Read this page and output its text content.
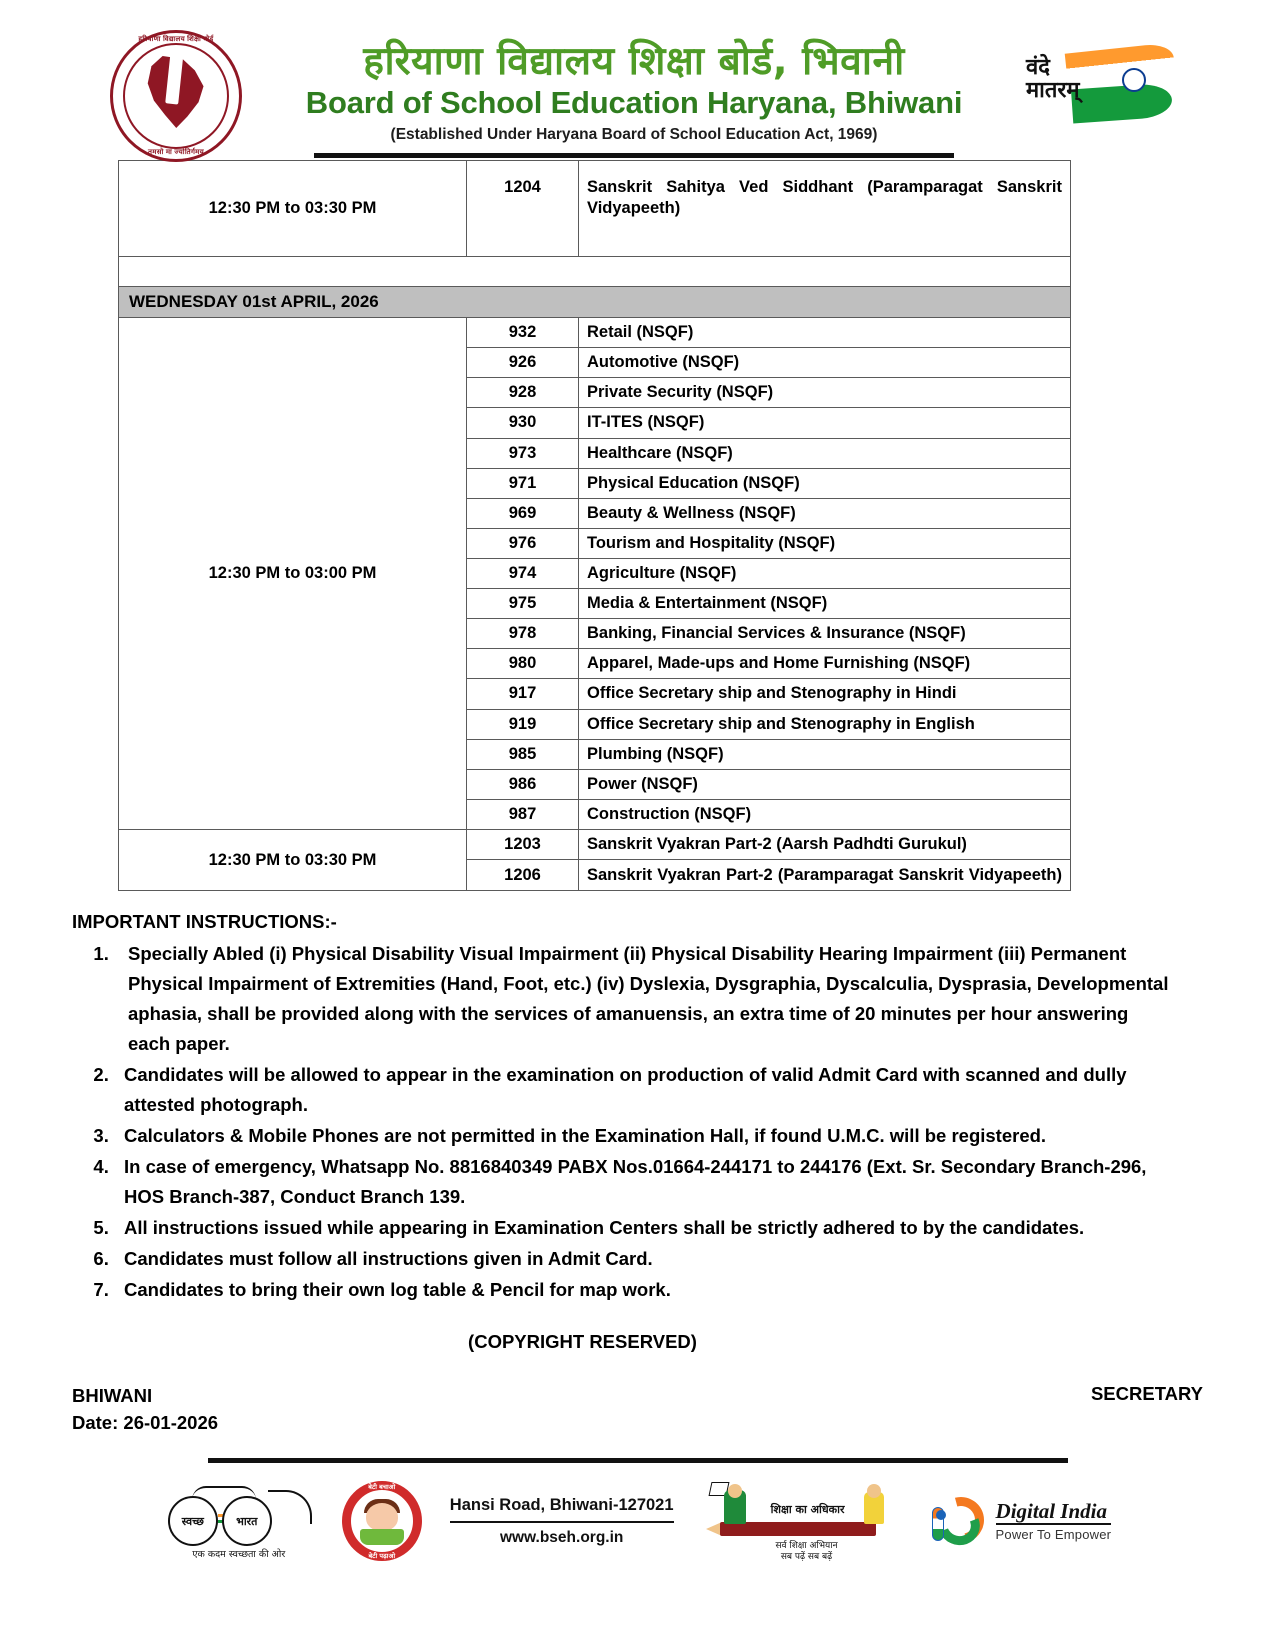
हरियाणा विद्यालय शिक्षा बोर्ड
तमसो मा ज्योतिर्गमय
हरियाणा विद्यालय शिक्षा बोर्ड, भिवानी
Board of School Education Haryana, Bhiwani
(Established Under Haryana Board of School Education Act, 1969)
वंदे
मातरम्
12:30 PM to 03:30 PM	1204	Sanskrit Sahitya Ved Siddhant (Paramparagat Sanskrit Vidyapeeth)

WEDNESDAY 01st APRIL, 2026		
12:30 PM to 03:00 PM	932	Retail (NSQF)
	926	Automotive (NSQF)
	928	Private Security (NSQF)
	930	IT-ITES (NSQF)
	973	Healthcare (NSQF)
	971	Physical Education (NSQF)
	969	Beauty & Wellness (NSQF)
	976	Tourism and Hospitality (NSQF)
	974	Agriculture (NSQF)
	975	Media & Entertainment (NSQF)
	978	Banking, Financial Services & Insurance (NSQF)
	980	Apparel, Made-ups and Home Furnishing (NSQF)
	917	Office Secretary ship and Stenography in Hindi
	919	Office Secretary ship and Stenography in English
	985	Plumbing (NSQF)
	986	Power (NSQF)
	987	Construction (NSQF)
12:30 PM to 03:30 PM	1203	Sanskrit Vyakran Part-2 (Aarsh Padhdti Gurukul)
	1206	Sanskrit Vyakran Part-2 (Paramparagat Sanskrit Vidyapeeth)
IMPORTANT INSTRUCTIONS:-
1. Specially Abled (i) Physical Disability Visual Impairment (ii) Physical Disability Hearing Impairment (iii) Permanent Physical Impairment of Extremities (Hand, Foot, etc.) (iv) Dyslexia, Dysgraphia, Dyscalculia, Dysprasia, Developmental aphasia, shall be provided along with the services of amanuensis, an extra time of 20 minutes per hour answering each paper.
2. Candidates will be allowed to appear in the examination on production of valid Admit Card with scanned and dully attested photograph.
3. Calculators & Mobile Phones are not permitted in the Examination Hall, if found U.M.C. will be registered.
4. In case of emergency, Whatsapp No. 8816840349 PABX Nos.01664-244171 to 244176 (Ext. Sr. Secondary Branch-296, HOS Branch-387, Conduct Branch 139.
5. All instructions issued while appearing in Examination Centers shall be strictly adhered to by the candidates.
6. Candidates must follow all instructions given in Admit Card.
7. Candidates to bring their own log table & Pencil for map work.
(COPYRIGHT RESERVED)
BHIWANI
Date: 26-01-2026
SECRETARY
स्वच्छ	भारत
एक कदम स्वच्छता की ओर
बेटी बचाओ
बेटी पढ़ाओ
Hansi Road, Bhiwani-127021
www.bseh.org.in
शिक्षा का अधिकार
सर्व शिक्षा अभियान
सब पढ़ें सब बढ़ें
Digital India
Power To Empower
